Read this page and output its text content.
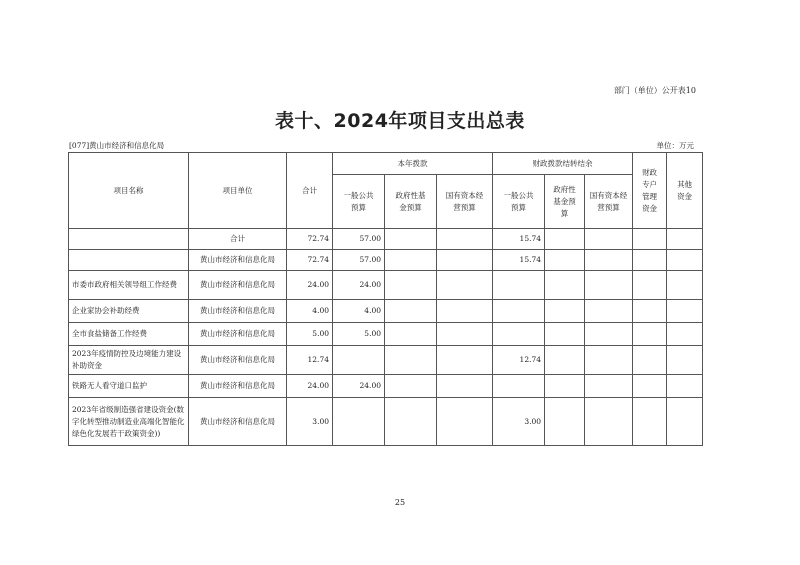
部门（单位）公开表10
表十、2024年项目支出总表
[077]黄山市经济和信息化局	单位：万元
项目名称	项目单位	合计	本年拨款			财政拨款结转结余			财政专户管理资金	其他资金
			一般公共预算	政府性基金预算	国有资本经营预算	一般公共预算	政府性基金预算	国有资本经营预算		
	合计	72.74	57.00			15.74				
	黄山市经济和信息化局	72.74	57.00			15.74				
市委市政府相关领导组工作经费	黄山市经济和信息化局	24.00	24.00							
企业家协会补助经费	黄山市经济和信息化局	4.00	4.00							
全市食盐储备工作经费	黄山市经济和信息化局	5.00	5.00							
2023年疫情防控及边境能力建设补助资金	黄山市经济和信息化局	12.74				12.74				
铁路无人看守道口监护	黄山市经济和信息化局	24.00	24.00							
2023年省级制造强省建设资金(数字化转型推动制造业高端化智能化绿色化发展若干政策资金))	黄山市经济和信息化局	3.00				3.00				
25
